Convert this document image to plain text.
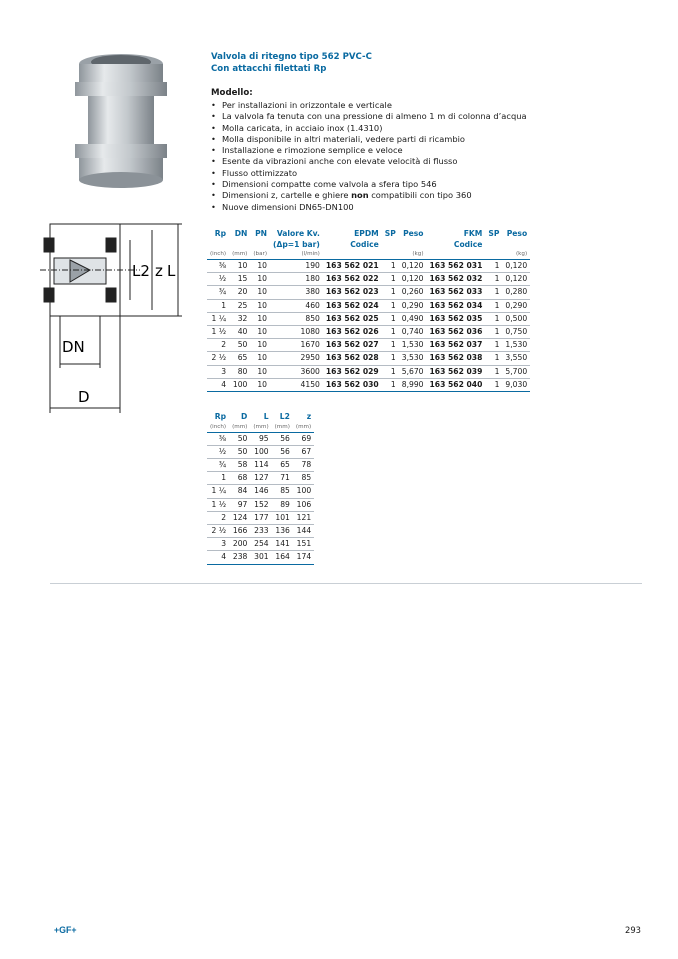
L2 z L
DN
D
Valvola di ritegno tipo 562 PVC-C
Con attacchi filettati Rp
Modello:
• Per installazioni in orizzontale e verticale
• La valvola fa tenuta con una pressione di almeno 1 m di colonna d’acqua
• Molla caricata, in acciaio inox (1.4310)
• Molla disponibile in altri materiali, vedere parti di ricambio
• Installazione e rimozione semplice e veloce
• Esente da vibrazioni anche con elevate velocità di flusso
• Flusso ottimizzato
• Dimensioni compatte come valvola a sfera tipo 546
• Dimensioni z, cartelle e ghiere non compatibili con tipo 360
• Nuove dimensioni DN65-DN100
Rp	DN	PN	Valore Kv.	EPDM	SP	Peso	FKM	SP	Peso
			(Δp=1 bar)	Codice			Codice		
(inch)	(mm)	(bar)	(l/min)			(kg)			(kg)
⅜	10	10	190	163 562 021	1	0,120	163 562 031	1	0,120
½	15	10	180	163 562 022	1	0,120	163 562 032	1	0,120
¾	20	10	380	163 562 023	1	0,260	163 562 033	1	0,280
1	25	10	460	163 562 024	1	0,290	163 562 034	1	0,290
1 ¼	32	10	850	163 562 025	1	0,490	163 562 035	1	0,500
1 ½	40	10	1080	163 562 026	1	0,740	163 562 036	1	0,750
2	50	10	1670	163 562 027	1	1,530	163 562 037	1	1,530
2 ½	65	10	2950	163 562 028	1	3,530	163 562 038	1	3,550
3	80	10	3600	163 562 029	1	5,670	163 562 039	1	5,700
4	100	10	4150	163 562 030	1	8,990	163 562 040	1	9,030
Rp	D	L	L2	z
(inch)	(mm)	(mm)	(mm)	(mm)
⅜	50	95	56	69
½	50	100	56	67
¾	58	114	65	78
1	68	127	71	85
1 ¼	84	146	85	100
1 ½	97	152	89	106
2	124	177	101	121
2 ½	166	233	136	144
3	200	254	141	151
4	238	301	164	174
+GF+	293
